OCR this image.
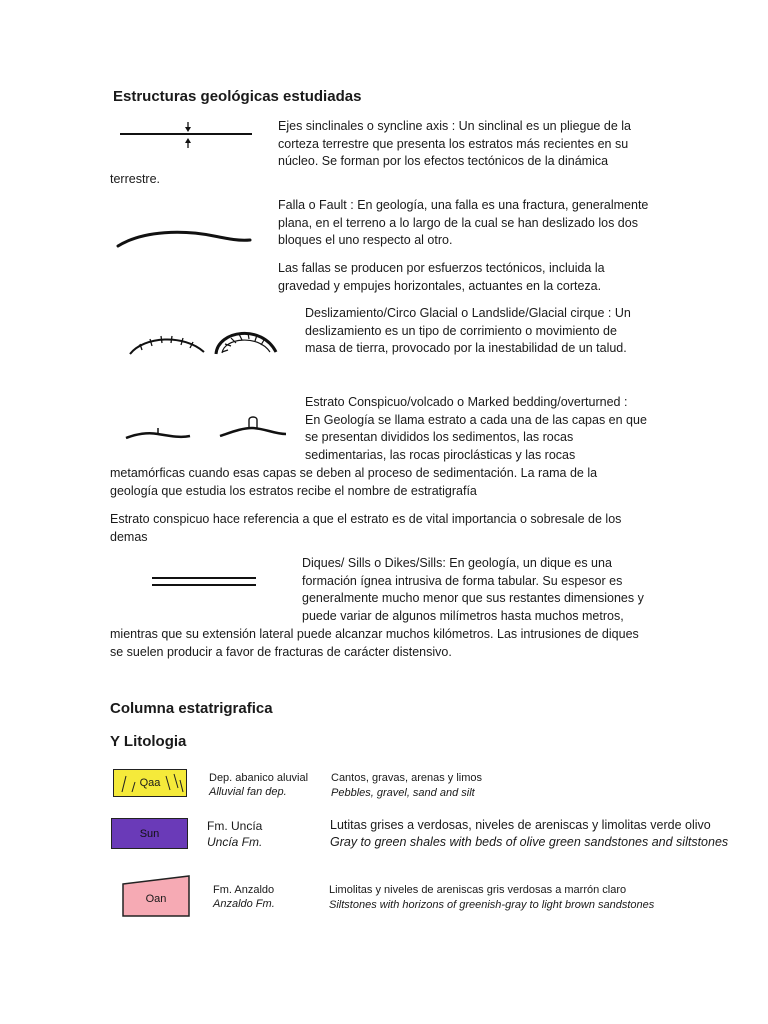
Estructuras geológicas estudiadas
Ejes sinclinales o syncline axis : Un sinclinal es un pliegue de la
corteza terrestre que presenta los estratos más recientes en su
núcleo. Se forman por los efectos tectónicos de la dinámica
terrestre.
Falla o Fault : En geología, una falla es una fractura, generalmente
plana, en el terreno a lo largo de la cual se han deslizado los dos
bloques el uno respecto al otro.
Las fallas se producen por esfuerzos tectónicos, incluida la
gravedad y empujes horizontales, actuantes en la corteza.
Deslizamiento/Circo Glacial o Landslide/Glacial cirque : Un
deslizamiento es un tipo de corrimiento o movimiento de
masa de tierra, provocado por la inestabilidad de un talud.
Estrato Conspicuo/volcado o Marked bedding/overturned :
En Geología se llama estrato a cada una de las capas en que
se presentan divididos los sedimentos, las rocas
sedimentarias, las rocas piroclásticas y las rocas
metamórficas cuando esas capas se deben al proceso de sedimentación. La rama de la
geología que estudia los estratos recibe el nombre de estratigrafía
Estrato conspicuo hace referencia a que el estrato es de vital importancia o sobresale de los
demas
Diques/ Sills o Dikes/Sills: En geología, un dique es una
formación ígnea intrusiva de forma tabular. Su espesor es
generalmente mucho menor que sus restantes dimensiones y
puede variar de algunos milímetros hasta muchos metros,
mientras que su extensión lateral puede alcanzar muchos kilómetros. Las intrusiones de diques
se suelen producir a favor de fracturas de carácter distensivo.
Columna estatrigrafica
Y Litologia
Qaa	Dep. abanico aluvial
Alluvial fan dep.
Cantos, gravas, arenas y limos
Pebbles, gravel, sand and silt
Sun
Fm. Uncía
Uncía Fm.
Lutitas grises a verdosas, niveles de areniscas y limolitas verde olivo
Gray to green shales with beds of olive green sandstones and siltstones
Oan
Fm. Anzaldo
Anzaldo Fm.
Limolitas y niveles de areniscas gris verdosas a marrón claro
Siltstones with horizons of greenish-gray to light brown sandstones
